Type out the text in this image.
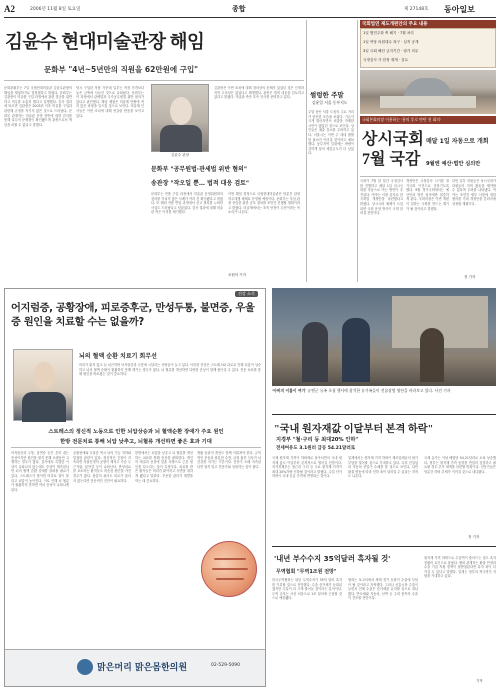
A2	2006년 11월 8일 토요일	종합	제 27148호 동아일보
김윤수 현대미술관장 해임
문화부 "4년~5년만의 직원을 62만원에 구입"
문화관광부는 7일 국립현대미술관 김윤수관장의 해임을 제청하기로 결정했다고 밝혔다. 문화부는 김관장이 미술품 구입 과정에서 관련 법규를 위반하고 직무를 소홀히 했다고 설명했다. 감사 결과에 따르면 김관장은 2003년 이후 미술품 구입과 관련해 규정을 지키지 않은 것으로 드러났다. 문화부 관계자는 미술관 운영 전반에 대한 감사를 통해 다수의 문제점이 확인됐으며 관장으로서 책임을 피할 수 없다고 말했다.
당시 구입한 작품 가운데 일부는 적정 가격보다 높은 금액에 사들인 것으로 나타났다. 문화부는 이 과정에서 관세법과 국가공무원법 위반 혐의가 있다고 판단했다. 해임 제청은 미술계 안팎에 적지 않은 파장을 일으킬 것으로 보인다. 미술계 인사들은 이번 조치에 대해 엇갈린 반응을 보이고 있다.
김윤수 관장
김관장은 이번 조치에 대해 절차상의 문제가 있었던 것은 인정하지만 고의성은 없었다고 해명했다. 관장은 법적 대응을 검토하고 있다고 밝혔다. 미술관 측은 후속 인사를 준비하고 있다.
문화부 "공무원법·관세법 위반 혐의"
송관장 "작오일 뿐… 법적 대응 검토"
문화부는 작품 구입 과정에서 미술관 운영위원회의 심의를 거치지 않은 사례가 여러 건 확인됐다고 밝혔다. 또 해외 작품 반입 과정에서 신고 절차를 누락한 사실도 드러났다고 덧붙였다. 감사 결과에 대해 미술관 측은 이의를 제기했다.
이번 해임 결정으로 국립현대미술관은 당분간 관장 직무대행 체제로 운영될 예정이다. 문화부는 후임 관장 선임을 위한 공모 절차를 조만간 진행할 계획이라고 밝혔다. 미술계에서는 조직 안정이 우선이라는 목소리가 나온다.
조원석 기자
썰렁한 주말
김윤일 서울 동부지도
주말 동안 서울 도심의 주요 거리가 한산한 모습을 보였다. 기온이 크게 떨어지면서 외출을 자제한 시민이 많았던 것으로 보인다. 상인들은 매출 감소를 우려하고 있다. 서울시는 이번 주 내내 쌀쌀한 날씨가 이어질 것이라고 예보했다. 동부지역 일대에는 바람이 강하게 불어 체감온도가 더 낮았다.
국회법연 제도개편안의 주요 내용
1일 범민주화 축 폐기 · 7월 처리
1일 여당 의원대수 복구 · 실적 공개
3일 국회 해산 금지기간 · 평가 의무
국정감사 가 한정 재개 · 검토
국회본회의장 이용하는 '통의 후로 탄탄 첫 회의'
상시국회 7월 국감
매달 1일 자동으로 개회
9월엔 예산·법안 심의만
국회가 7월 한 달간 국정감사를 진행하고 매달 1일 임시국회를 자동으로 여는 방안이 추진된다. 여야는 이를 골자로 한 국회법 개정안을 마련했다고 밝혔다. 상시국회 체제가 도입되면 국회 운영 방식이 크게 달라질 전망이다.
개정안은 국정감사 시기를 정기국회 이전으로 앞당기도록 했다. 9월 정기국회에서는 예산안과 법안 심의에만 집중하게 된다. 국회의장은 이번 개편이 일하는 국회를 만드는 계기가 될 것이라고 말했다.
다만 일부 의원들은 상시국회가 의원들의 지역 활동을 제약할 수 있다며 우려를 나타냈다. 여야는 조만간 세부 사항에 대한 협의를 거쳐 개정안을 본회의에 상정할 계획이다.
정 기자
건강 소식
어지럼증, 공황장애, 피로증후군, 만성두통, 불면증, 우울증 원인을 치료할 수는 없을까?
뇌의 혈액 순환 치료기 회무선
머리가 맑지 않고 늘 피곤하며 어지럼증과 두통에 시달리는 사람들이 늘고 있다. 이러한 증상은 스트레스와 과로로 인해 뇌압이 상승하고 뇌의 혈액 순환이 원활하지 못해 생기는 경우가 많다. 뇌 혈류를 개선하면 다양한 증상이 함께 좋아질 수 있다. 전문 치료를 통해 원인을 바로잡는 것이 중요하다.
스트레스의 정신적 노동으로 인한 뇌압상승과 뇌 혈액순환 장애가 주요 원인
한방 전문치료 통해 뇌압 낮추고, 뇌혈류 개선하면 좋은 효과 기대
어지럼증과 두통, 불면증 등은 흔히 겪는 증상이지만 원인을 찾지 못해 오랫동안 고생하는 경우가 많다. 검사에서 특별한 이상이 나타나지 않는데도 증상이 계속된다면 뇌의 혈액 순환 상태를 살펴볼 필요가 있다. 스트레스가 쌓이면 머리로 열이 몰리고 뇌압이 높아진다. 이로 인해 뇌 혈류가 원활하지 못하면 여러 증상이 나타나게 된다.
공황장애와 우울증 역시 뇌의 기능 저하와 밀접한 관련이 있다. 정신적인 긴장이 지속되면 자율신경의 균형이 깨지고 가슴 두근거림, 불안감 등이 나타난다. 만성피로를 호소하는 환자들도 비슷한 원인을 가진 경우가 많다. 충분히 쉬어도 피로가 풀리지 않는다면 전문적인 진단이 필요하다.
한방에서는 뇌압을 낮추고 뇌 혈류를 개선하는 치료를 통해 증상을 완화한다. 개인의 체질과 증상에 맞춘 처방으로 근본 원인을 다스리는 것이 특징이다. 치료를 받은 환자들은 머리가 맑아지고 숙면을 취하게 됐다고 말한다. 꾸준한 관리가 재발을 막는 데 중요하다.
생활 습관의 개선도 함께 이뤄져야 한다. 규칙적인 운동과 충분한 수면, 균형 잡힌 식사가 뇌 건강을 지키는 기본이다. 증상이 오래 지속된다면 참지 말고 전문가와 상담하는 것이 좋다.
맑은머리 맑은몸한의원	02-529-5090
'아버지 이름이 여기' 유엔군 유족 초청 행사에 참석한 유가족들이 전몰장병 명단을 바라보고 있다. 사진 기자
"국내 원자재값 이달부터 본격 하락"
지경부 "철·구리 등 최대20% 인하"
전세여유도 3.1원러 급등 54.21달러로
국제 원자재 가격이 하락세로 돌아서면서 국내 원자재 값도 이달부터 본격적으로 떨어질 전망이다. 지식경제부는 철근과 구리 등 주요 원자재 가격이 최대 20%가량 인하될 것이라고 밝혔다. 수입 단가 하락이 국내 공급 가격에 반영되는 것이다.
업계에서는 원자재 가격 하락이 제조업체들의 원가 부담을 덜어줄 것으로 기대하고 있다. 특히 건설업과 자동차 산업이 수혜를 볼 것으로 보인다. 다만 환율 변동에 따라 인하 폭이 달라질 수 있다는 지적도 나온다.
국제 유가는 이날 배럴당 54.21달러로 소폭 상승했다. 정부는 원자재 가격 동향을 면밀히 점검하고 필요할 경우 추가 대책을 마련할 방침이다. 전문가들은 당분간 하락 추세가 이어질 것으로 내다봤다.
정 기자
'내년 부수수지 35억달러 흑자될 것'
무역협회 "무역1조원 전망"
한국무역협회는 내년 무역수지가 35억 달러 흑자를 기록할 것으로 전망했다. 수출 증가세가 둔화되겠지만 수입이 더 크게 줄어들 것이라는 분석이다. 무역 규모는 사상 처음으로 1조 달러에 근접할 것으로 예상됐다.
협회는 보고서에서 세계 경기 둔화가 수출에 부담이 될 것이라고 지적했다. 그러나 신흥시장 수출이 늘면서 전체 수출은 증가세를 유지할 것으로 내다봤다. 반도체와 자동차, 선박 등 주력 품목의 수출이 견조할 전망이다.
원자재 가격 하락으로 수입액이 줄어드는 것도 흑자 전환의 요인으로 꼽혔다. 협회 관계자는 환율 안정과 수출 기업 지원 정책이 뒷받침된다면 흑자 폭이 더 커질 수 있다고 말했다. 업계는 정부의 적극적인 지원을 기대하고 있다.
기자
